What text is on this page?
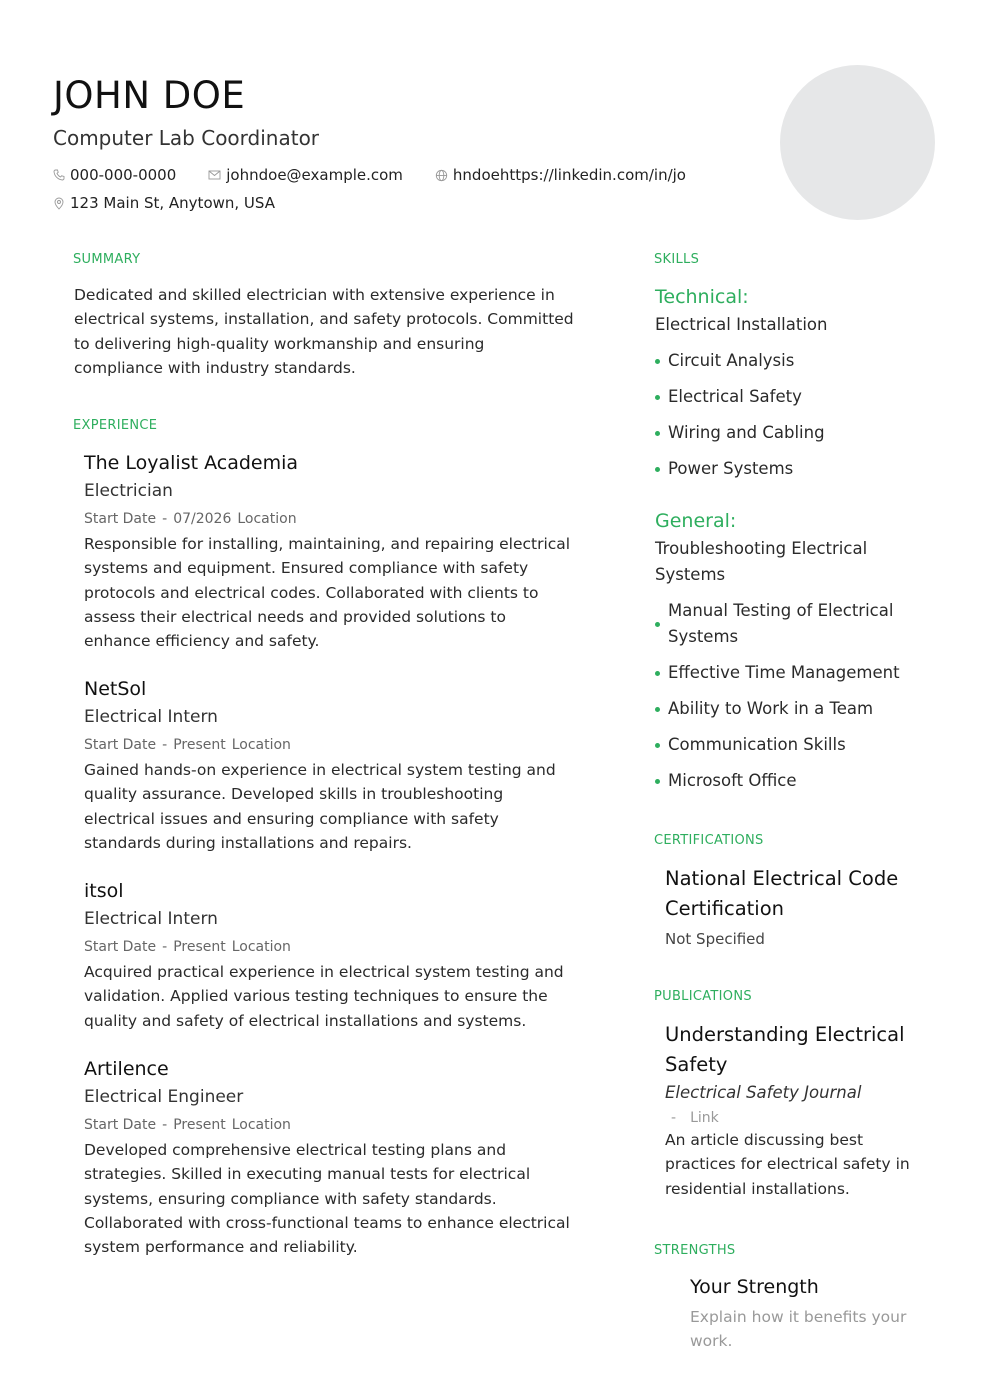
JOHN DOE
Computer Lab Coordinator
000-000-0000	johndoe@example.com	hndoehttps://linkedin.com/in/jo
123 Main St, Anytown, USA
SUMMARY
Dedicated and skilled electrician with extensive experience in electrical systems, installation, and safety protocols. Committed to delivering high-quality workmanship and ensuring compliance with industry standards.
EXPERIENCE
The Loyalist Academia
Electrician
Start Date - 07/2026 Location
Responsible for installing, maintaining, and repairing electrical systems and equipment. Ensured compliance with safety protocols and electrical codes. Collaborated with clients to assess their electrical needs and provided solutions to enhance efficiency and safety.
NetSol
Electrical Intern
Start Date - Present Location
Gained hands-on experience in electrical system testing and quality assurance. Developed skills in troubleshooting electrical issues and ensuring compliance with safety standards during installations and repairs.
itsol
Electrical Intern
Start Date - Present Location
Acquired practical experience in electrical system testing and validation. Applied various testing techniques to ensure the quality and safety of electrical installations and systems.
Artilence
Electrical Engineer
Start Date - Present Location
Developed comprehensive electrical testing plans and strategies. Skilled in executing manual tests for electrical systems, ensuring compliance with safety standards. Collaborated with cross-functional teams to enhance electrical system performance and reliability.
SKILLS
Technical:
Electrical Installation
Circuit Analysis
Electrical Safety
Wiring and Cabling
Power Systems
General:
Troubleshooting Electrical Systems
Manual Testing of Electrical Systems
Effective Time Management
Ability to Work in a Team
Communication Skills
Microsoft Office
CERTIFICATIONS
National Electrical Code Certification
Not Specified
PUBLICATIONS
Understanding Electrical Safety
Electrical Safety Journal
- Link
An article discussing best practices for electrical safety in residential installations.
STRENGTHS
Your Strength
Explain how it benefits your work.
